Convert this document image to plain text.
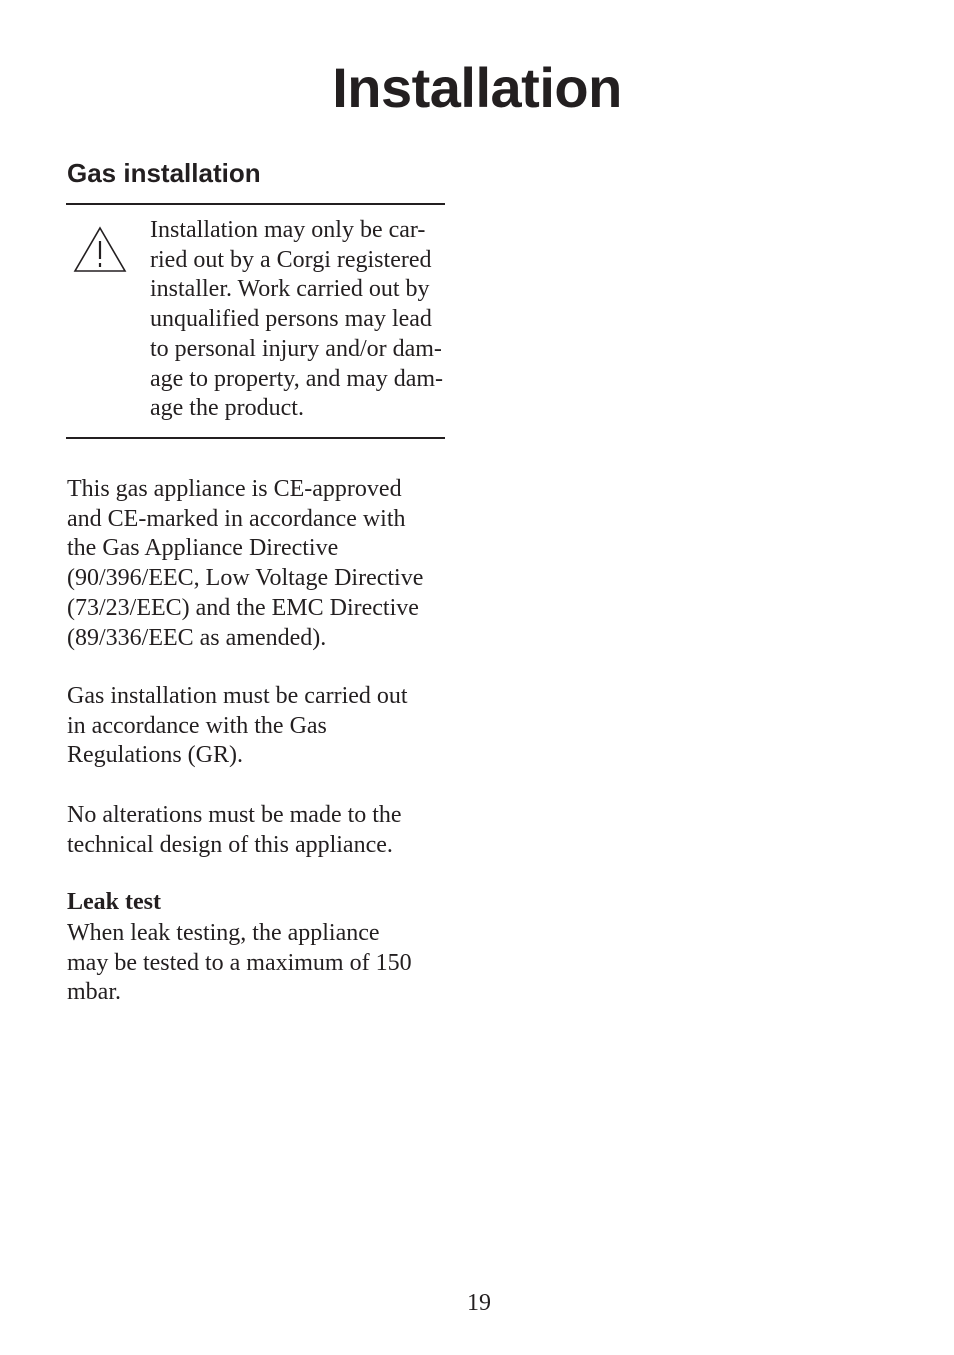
Installation
Gas installation

Installation may only be car-
ried out by a Corgi registered
installer. Work carried out by
unqualified persons may lead
to personal injury and/or dam-
age to property, and may dam-
age the product.

This gas appliance is CE-approved
and CE-marked in accordance with
the Gas Appliance Directive
(90/396/EEC, Low Voltage Directive
(73/23/EEC) and the EMC Directive
(89/336/EEC as amended).

Gas installation must be carried out
in accordance with the Gas
Regulations (GR).

No alterations must be made to the
technical design of this appliance.

Leak test

When leak testing, the appliance
may be tested to a maximum of 150
mbar.

19
